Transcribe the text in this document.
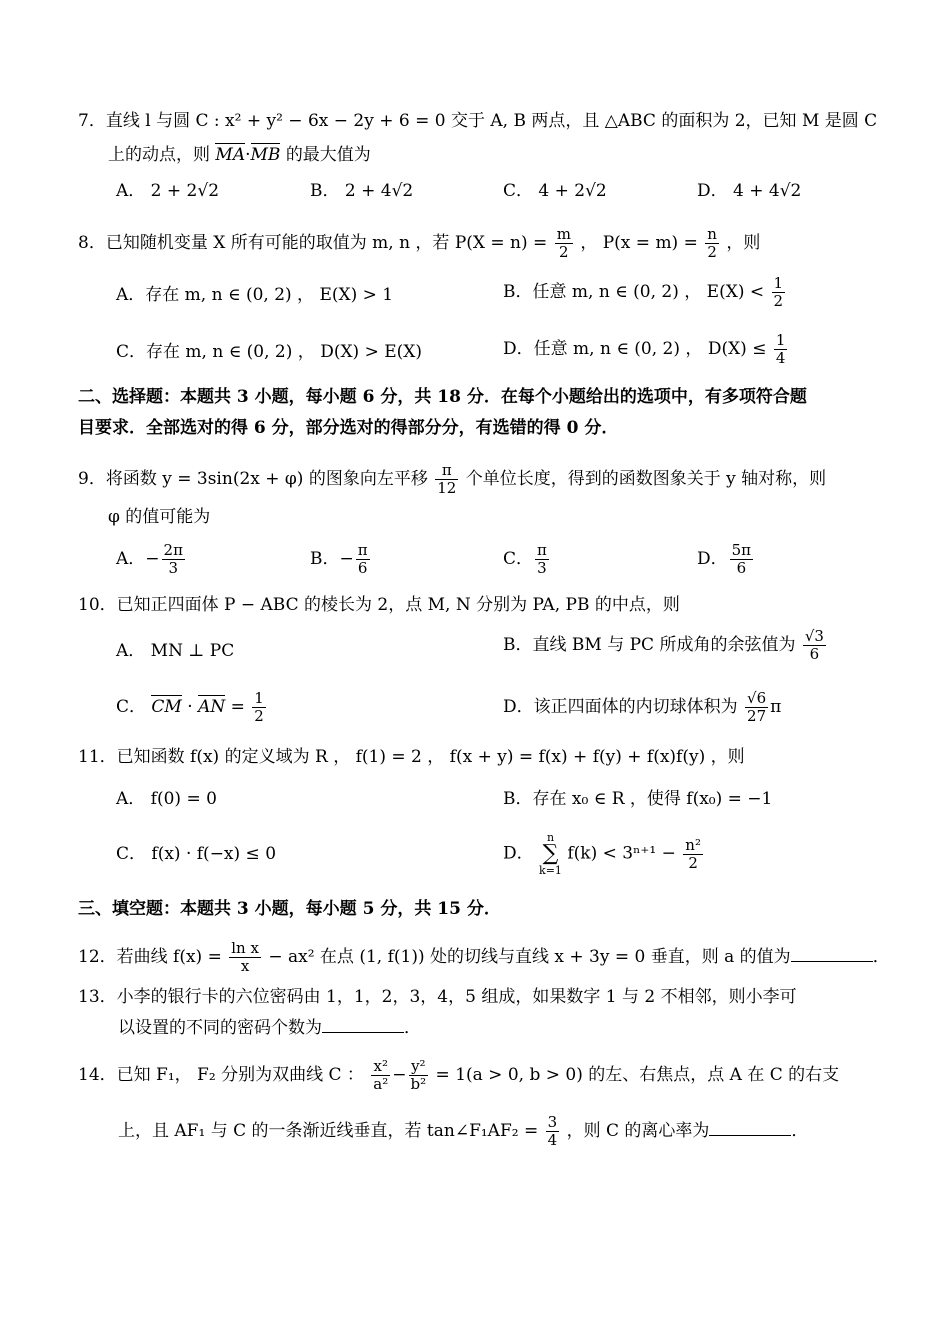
7．直线 l 与圆 C : x² + y² − 6x − 2y + 6 = 0 交于 A, B 两点，且 △ABC 的面积为 2，已知 M 是圆 C
上的动点，则 MA·MB 的最大值为
A． 2 + 2√2	B． 2 + 4√2	C． 4 + 2√2	D． 4 + 4√2
8．已知随机变量 X 所有可能的取值为 m, n ，若 $P(X = n) = \frac{m}{2}$ ， $P(x = m) = \frac{n}{2}$ ，则
A．存在 m, n ∈ (0, 2) ， E(X) > 1	B．任意 m, n ∈ (0, 2) ， $E(X) < \frac{1}{2}$
C．存在 m, n ∈ (0, 2) ， D(X) > E(X)	D．任意 m, n ∈ (0, 2) ， $D(X) \le \frac{1}{4}$
二、选择题：本题共 3 小题，每小题 6 分，共 18 分．在每个小题给出的选项中，有多项符合题
目要求．全部选对的得 6 分，部分选对的得部分分，有选错的得 0 分．
9．将函数 y = 3sin(2x + φ) 的图象向左平移 $\frac{\pi}{12}$ 个单位长度，得到的函数图象关于 y 轴对称，则
φ 的值可能为
A．− $\frac{2\pi}{3}$	B．− $\frac{\pi}{6}$	C． $\frac{\pi}{3}$	D． $\frac{5\pi}{6}$
10．已知正四面体 P − ABC 的棱长为 2，点 M, N 分别为 PA, PB 的中点，则
A． MN ⊥ PC	B．直线 BM 与 PC 所成角的余弦值为 $\frac{√3}{6}$
C． CM · AN = $\frac{1}{2}$	D．该正四面体的内切球体积为 $\frac{√6}{27}$ π
11．已知函数 f(x) 的定义域为 R ， f(1) = 2 ， f(x + y) = f(x) + f(y) + f(x)f(y) ，则
A． f(0) = 0	B．存在 x₀ ∈ R ，使得 f(x₀) = −1
C． f(x) · f(−x) ≤ 0	D．
n
∑
k=1
$f(k) < 3^{n+1} - \frac{\text{n²}}{2}$
三、填空题：本题共 3 小题，每小题 5 分，共 15 分．
12．若曲线 $f(x) = \frac{\text{ln x}}{x} - ax^2$ 在点 (1, f(1)) 处的切线与直线 x + 3y = 0 垂直，则 a 的值为	．
13．小李的银行卡的六位密码由 1，1，2，3，4，5 组成，如果数字 1 与 2 不相邻，则小李可
以设置的不同的密码个数为	．
14．已知 F₁， F₂ 分别为双曲线 C ： $\frac{\text{x²}}{\text{a²}} - \frac{\text{y²}}{\text{b²}} = 1(a > 0$, b > 0) 的左、右焦点，点 A 在 C 的右支
上，且 AF₁ 与 C 的一条渐近线垂直，若 tan∠F₁AF₂ = $\frac{3}{4}$ ，则 C 的离心率为	．
